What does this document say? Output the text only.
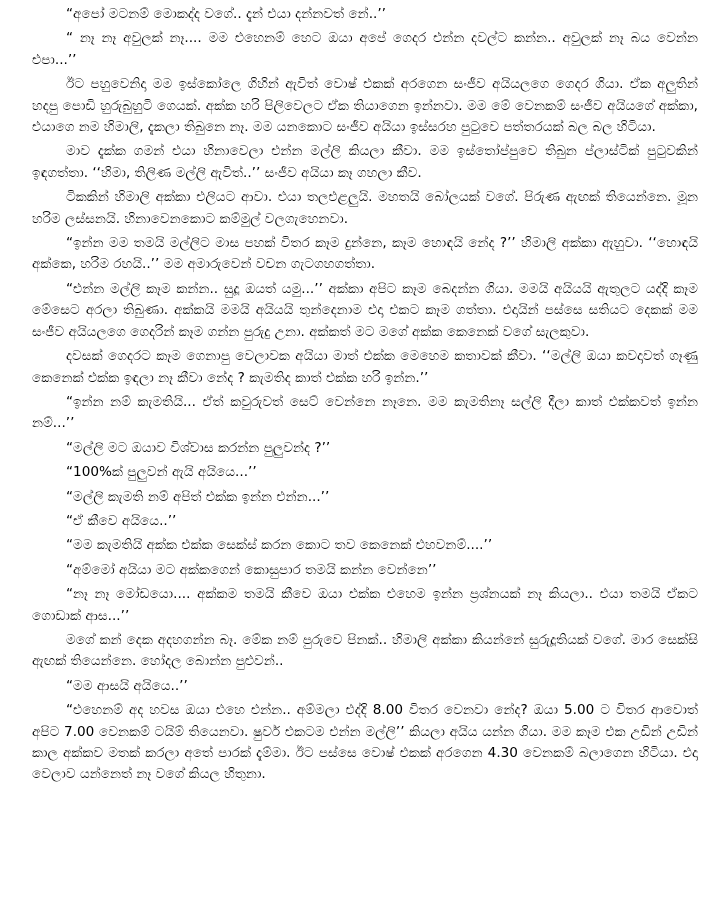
“අපෝ මටනම් මොකද්ද වගේ.. දැන් එයා දන්නවත් නේ..’’

“ නෑ නෑ අවුලක් නෑ.... මම එහෙනම් හෙට ඔයා අපේ ගෙදර එන්න දවල්ට කන්න.. අවුලක් නෑ බය වෙන්න එපා...’’

ඊට පහුවෙනිදා මම ඉස්කෝලෙ ගිහින් ඇවිත් වොෂ් එකක් අරගෙන සංජීව අයියලගෙ ගෙදර ගියා. ඒක අලුතින් හදපු පොඩි හුරුබුහුටි ගෙයක්. අක්ක හරි පිලිවෙලට ඒක තියාගෙන ඉන්නවා. මම මේ වෙනකම් සංජීව අයියගේ අක්කා, එයාගෙ නම හිමාලි, දැකලා තිබුනෙ නෑ. මම යනකොට සංජීව අයියා ඉස්සරහ පුටුවෙ පත්තරයක් බල බල හිටියා.

මාව දැක්ක ගමන් එයා හිනාවෙලා එන්න මල්ලි කියලා කීවා. මම ඉස්තෝප්පුවෙ තිබුන ප්ලාස්ටික් පුටුවකින් ඉඳගත්තා. ‘‘හිමා, තිලිණ මල්ලි ඇවිත්..’’ සංජීව අයියා කෑ ගහලා කීව.

ටිකකින් හිමාලි අක්කා එලියට ආවා. එයා තලඑළලුයි. මහතයි බෝලයක් වගේ. පිරුණ ඇඟක් තියෙන්නෙ. මූන හරිම ලස්සනයි. හිනාවෙනකොට කම්මුල් වලගැහෙනවා.

“ඉන්න මම තමයි මල්ලිට මාස පහක් විතර කෑම දුන්නෙ, කෑම හොඳයි නේද ?’’ හිමාලි අක්කා ඇහුවා. ‘‘හොඳයි අක්කෙ, හරිම රහයි..’’ මම අමාරුවෙන් වචන ගැටගහගත්තා.

“එන්න මල්ලි කෑම කන්න.. සුදූ ඔයත් යමු...’’ අක්කා අපිට කෑම බෙදන්න ගියා. මමයි අයියයි ඇතුලට යද්දි කෑම මේසෙට අරලා තිබුණා. අක්කයි මමයි අයියයි තුන්දෙනාම එදා එකට කෑම ගත්තා. එදායින් පස්සෙ සතියට දෙකක් මම සංජීව අයියලගෙ ගෙදරින් කෑම ගන්න පුරුදු උනා. අක්කත් මට මගේ අක්ක කෙනෙක් වගේ සැලකුවා.

දවසක් ගෙදරට කෑම ගෙනාපු වෙලාවක අයියා මාත් එක්ක මෙහෙම කතාවක් කීවා. ‘‘මල්ලි ඔයා කවදාවත් ගෑණු කෙනෙක් එක්ක ඉඳලා නෑ කීවා නේද ? කැමතිද කාත් එක්ක හරි ඉන්න.’’

“ඉන්න නම් කැමතියි... ඒත් කවුරුවත් සෙට් වෙන්නෙ නෑනෙ. මම කැමතිනෑ සල්ලි දීලා කාත් එක්කවත් ඉන්න නම්...’’

“මල්ලි මට ඔයාව විශ්වාස කරන්න පුලුවන්ද ?’’

“100%ක් පුලුවන් ඇයි අයියෙ...’’

“මල්ලි කැමති නම් අපිත් එක්ක ඉන්න එන්න...’’

“ඒ කීවෙ අයියෙ..’’

“මම කැමතියි අක්ක එක්ක සෙක්ස් කරන කොට තව කෙනෙක් එහවනම්....’’

“අම්මෝ අයියා මට අක්කගෙන් කොසුපාර තමයි කන්න වෙන්නෙ’’

“නෑ නෑ මෝඩයො.... අක්කම තමයි කීවෙ ඔයා එක්ක එහෙම ඉන්න ප්‍රශ්නයක් නෑ කියලා.. එයා තමයි ඒකට ගොඩාක් ආස...’’

මගේ කන් දෙක අදහගන්න බෑ. මේක නම් පුරුවෙ පිනක්.. හිමාලි අක්කා කියන්නේ සුරුදූතියක් වගේ. මාර සෙක්සි ඇඟක් තියෙන්නෙ. හෝදල බොන්න පුළුවන්..

“මම ආසයි අයියෙ..’’

“එහෙනම් අද හවස ඔයා එහෙ එන්න.. අම්මලා එද්දි 8.00 විතර වෙනවා නේද? ඔයා 5.00 ට විතර ආවොත් අපිට 7.00 වෙනකම් ටයිම් තියෙනවා. ෂුවර් එකටම එන්න මල්ලි’’ කියලා අයිය යන්න ගියා. මම කෑම එක උඩින් උඩින් කාල අක්කව මතක් කරලා අතේ පාරක් දැම්මා. ඊට පස්සෙ වොෂ් එකක් අරගෙන 4.30 වෙනකම් බලාගෙන හිටියා. එදා වෙලාව යන්නෙත් නෑ වගේ කියල හිතුනා.
